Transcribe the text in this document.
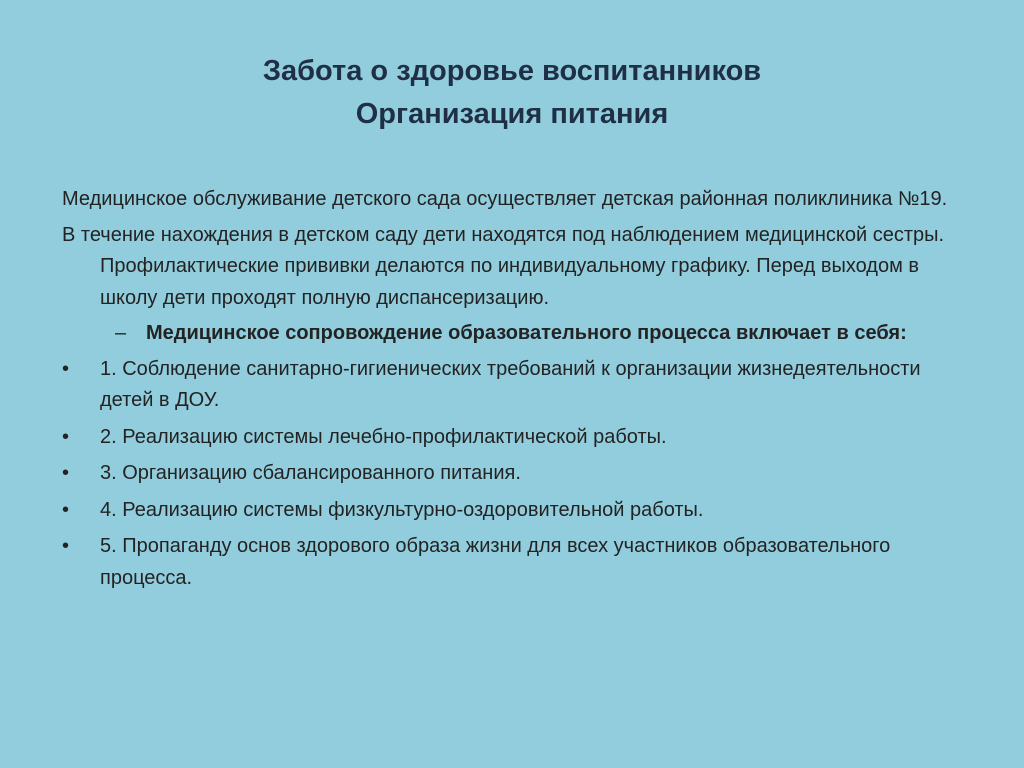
Забота о здоровье воспитанников
Организация питания
Медицинское обслуживание детского сада осуществляет детская районная поликлиника №19.
В течение нахождения в детском саду дети находятся под наблюдением медицинской сестры. Профилактические прививки делаются по индивидуальному графику. Перед выходом в школу дети проходят полную диспансеризацию.
– Медицинское сопровождение образовательного процесса включает в себя:
• 1. Соблюдение санитарно-гигиенических требований к организации жизнедеятельности детей в ДОУ.
• 2. Реализацию системы лечебно-профилактической работы.
• 3. Организацию сбалансированного питания.
• 4. Реализацию системы физкультурно-оздоровительной работы.
• 5. Пропаганду основ здорового образа жизни для всех участников образовательного процесса.
